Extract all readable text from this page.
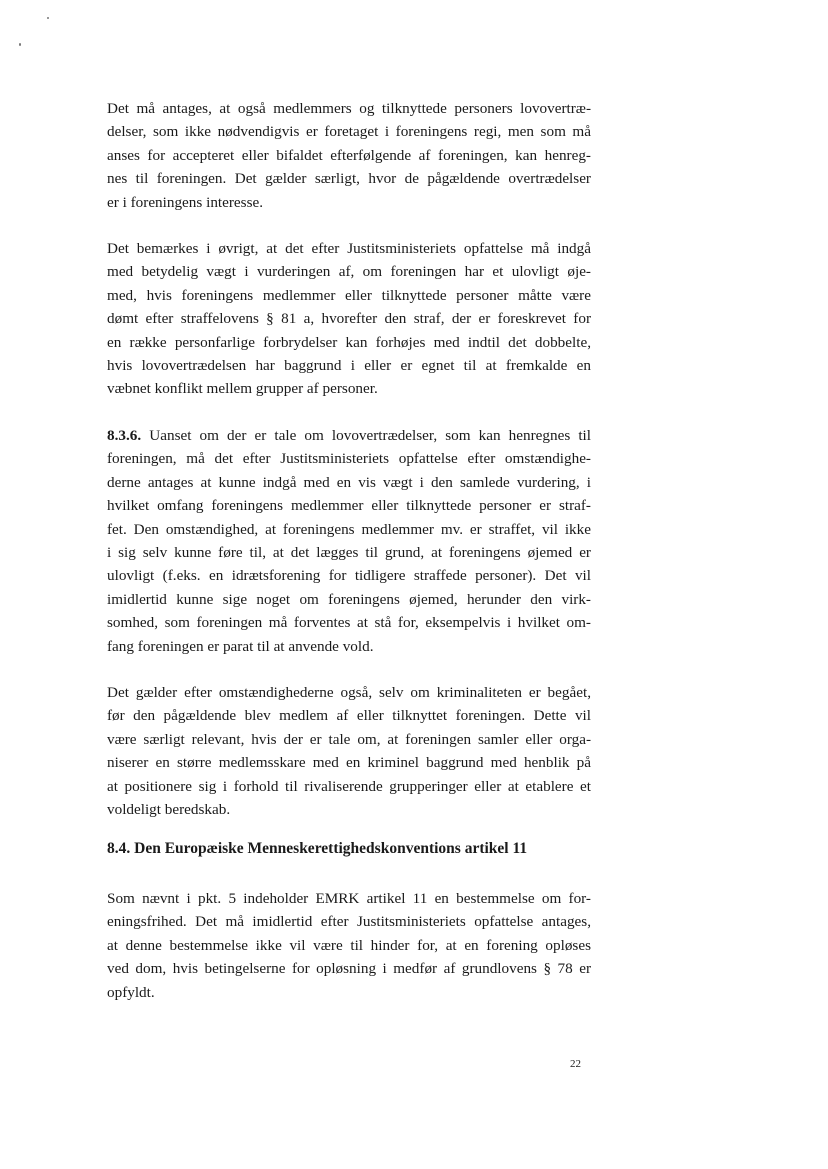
Det må antages, at også medlemmers og tilknyttede personers lovovertræ-
delser, som ikke nødvendigvis er foretaget i foreningens regi, men som må
anses for accepteret eller bifaldet efterfølgende af foreningen, kan henreg-
nes til foreningen. Det gælder særligt, hvor de pågældende overtrædelser
er i foreningens interesse.
Det bemærkes i øvrigt, at det efter Justitsministeriets opfattelse må indgå
med betydelig vægt i vurderingen af, om foreningen har et ulovligt øje-
med, hvis foreningens medlemmer eller tilknyttede personer måtte være
dømt efter straffelovens § 81 a, hvorefter den straf, der er foreskrevet for
en række personfarlige forbrydelser kan forhøjes med indtil det dobbelte,
hvis lovovertrædelsen har baggrund i eller er egnet til at fremkalde en
væbnet konflikt mellem grupper af personer.
8.3.6. Uanset om der er tale om lovovertrædelser, som kan henregnes til
foreningen, må det efter Justitsministeriets opfattelse efter omstændighe-
derne antages at kunne indgå med en vis vægt i den samlede vurdering, i
hvilket omfang foreningens medlemmer eller tilknyttede personer er straf-
fet. Den omstændighed, at foreningens medlemmer mv. er straffet, vil ikke
i sig selv kunne føre til, at det lægges til grund, at foreningens øjemed er
ulovligt (f.eks. en idrætsforening for tidligere straffede personer). Det vil
imidlertid kunne sige noget om foreningens øjemed, herunder den virk-
somhed, som foreningen må forventes at stå for, eksempelvis i hvilket om-
fang foreningen er parat til at anvende vold.
Det gælder efter omstændighederne også, selv om kriminaliteten er begået,
før den pågældende blev medlem af eller tilknyttet foreningen. Dette vil
være særligt relevant, hvis der er tale om, at foreningen samler eller orga-
niserer en større medlemsskare med en kriminel baggrund med henblik på
at positionere sig i forhold til rivaliserende grupperinger eller at etablere et
voldeligt beredskab.
8.4. Den Europæiske Menneskerettighedskonventions artikel 11
Som nævnt i pkt. 5 indeholder EMRK artikel 11 en bestemmelse om for-
eningsfrihed. Det må imidlertid efter Justitsministeriets opfattelse antages,
at denne bestemmelse ikke vil være til hinder for, at en forening opløses
ved dom, hvis betingelserne for opløsning i medfør af grundlovens § 78 er
opfyldt.
22
